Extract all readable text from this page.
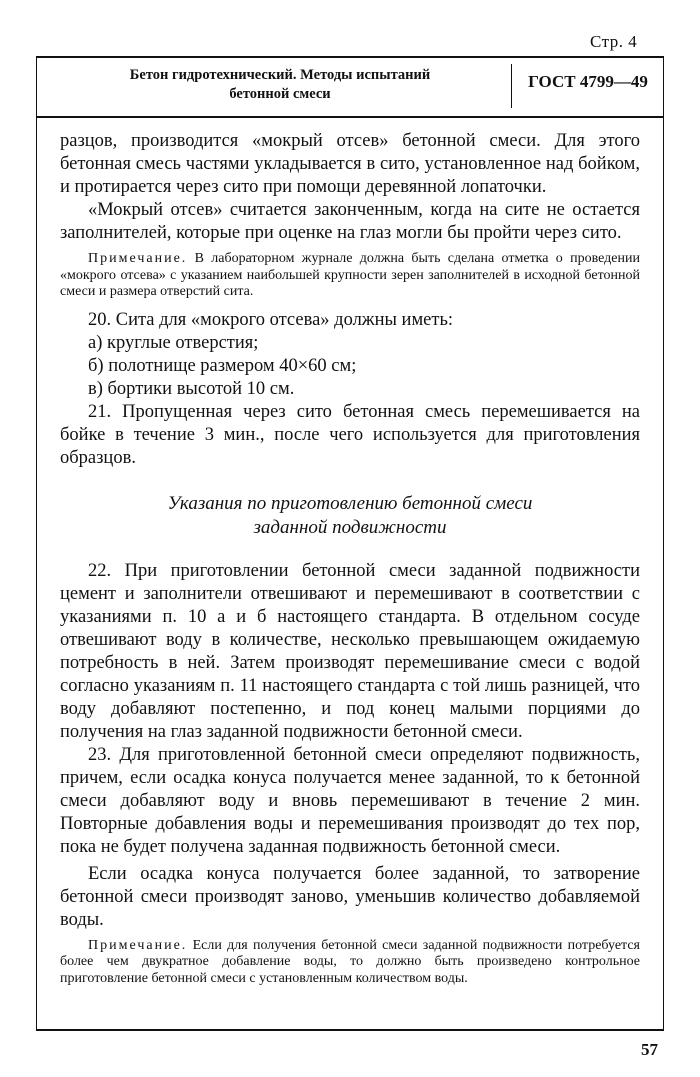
Стр. 4
Бетон гидротехнический. Методы испытаний
бетонной смеси
ГОСТ 4799—49

разцов, производится «мокрый отсев» бетонной смеси. Для этого бетонная смесь частями укладывается в сито, установленное над бойком, и протирается через сито при помощи деревянной лопаточки.

«Мокрый отсев» считается законченным, когда на сите не остается заполнителей, которые при оценке на глаз могли бы пройти через сито.

Примечание. В лабораторном журнале должна быть сделана отметка о проведении «мокрого отсева» с указанием наибольшей крупности зерен заполнителей в исходной бетонной смеси и размера отверстий сита.

20. Сита для «мокрого отсева» должны иметь:

а) круглые отверстия;

б) полотнище размером 40×60 см;

в) бортики высотой 10 см.

21. Пропущенная через сито бетонная смесь перемешивается на бойке в течение 3 мин., после чего используется для приготовления образцов.

Указания по приготовлению бетонной смеси
заданной подвижности

22. При приготовлении бетонной смеси заданной подвижности цемент и заполнители отвешивают и перемешивают в соответствии с указаниями п. 10 а и б настоящего стандарта. В отдельном сосуде отвешивают воду в количестве, несколько превышающем ожидаемую потребность в ней. Затем производят перемешивание смеси с водой согласно указаниям п. 11 настоящего стандарта с той лишь разницей, что воду добавляют постепенно, и под конец малыми порциями до получения на глаз заданной подвижности бетонной смеси.

23. Для приготовленной бетонной смеси определяют подвижность, причем, если осадка конуса получается менее заданной, то к бетонной смеси добавляют воду и вновь перемешивают в течение 2 мин. Повторные добавления воды и перемешивания производят до тех пор, пока не будет получена заданная подвижность бетонной смеси.

Если осадка конуса получается более заданной, то затворение бетонной смеси производят заново, уменьшив количество добавляемой воды.

Примечание. Если для получения бетонной смеси заданной подвижности потребуется более чем двукратное добавление воды, то должно быть произведено контрольное приготовление бетонной смеси с установленным количеством воды.

57
